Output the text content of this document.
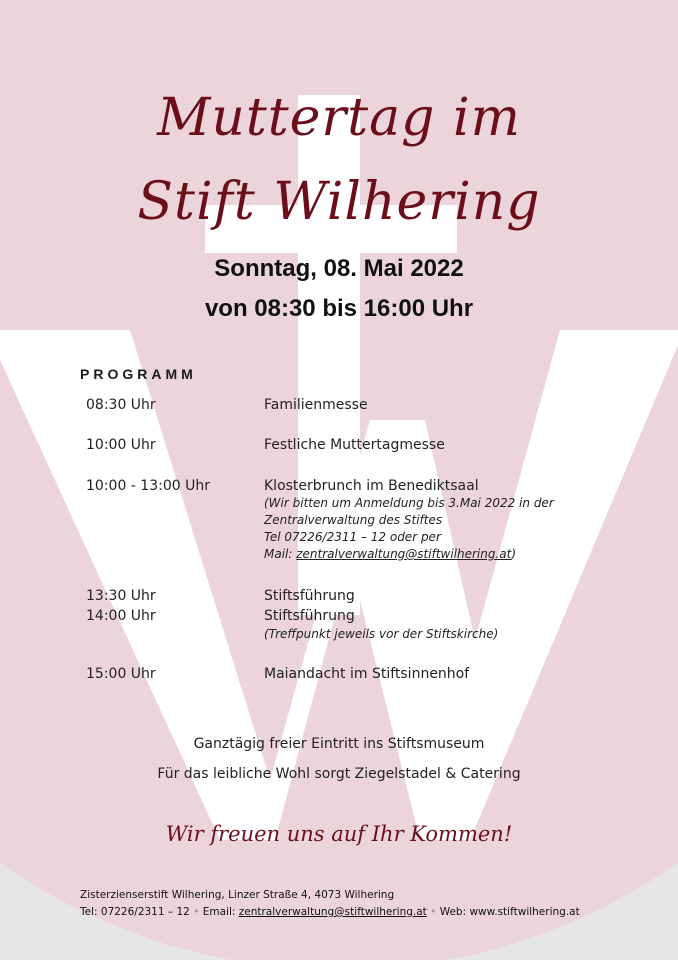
Muttertag im
Stift Wilhering
Sonntag, 08. Mai 2022
von 08:30 bis 16:00 Uhr
PROGRAMM
08:30 Uhr	Familienmesse
10:00 Uhr	Festliche Muttertagmesse
10:00 - 13:00 Uhr	Klosterbrunch im Benediktsaal
(Wir bitten um Anmeldung bis 3.Mai 2022 in der
Zentralverwaltung des Stiftes
Tel 07226/2311 – 12 oder per
Mail: zentralverwaltung@stiftwilhering.at)
13:30 Uhr	Stiftsführung
14:00 Uhr	Stiftsführung
(Treffpunkt jeweils vor der Stiftskirche)
15:00 Uhr	Maiandacht im Stiftsinnenhof
Ganztägig freier Eintritt ins Stiftsmuseum
Für das leibliche Wohl sorgt Ziegelstadel & Catering
Wir freuen uns auf Ihr Kommen!
Zisterzienserstift Wilhering, Linzer Straße 4, 4073 Wilhering
Tel: 07226/2311 – 12 • Email: zentralverwaltung@stiftwilhering.at • Web: www.stiftwilhering.at
